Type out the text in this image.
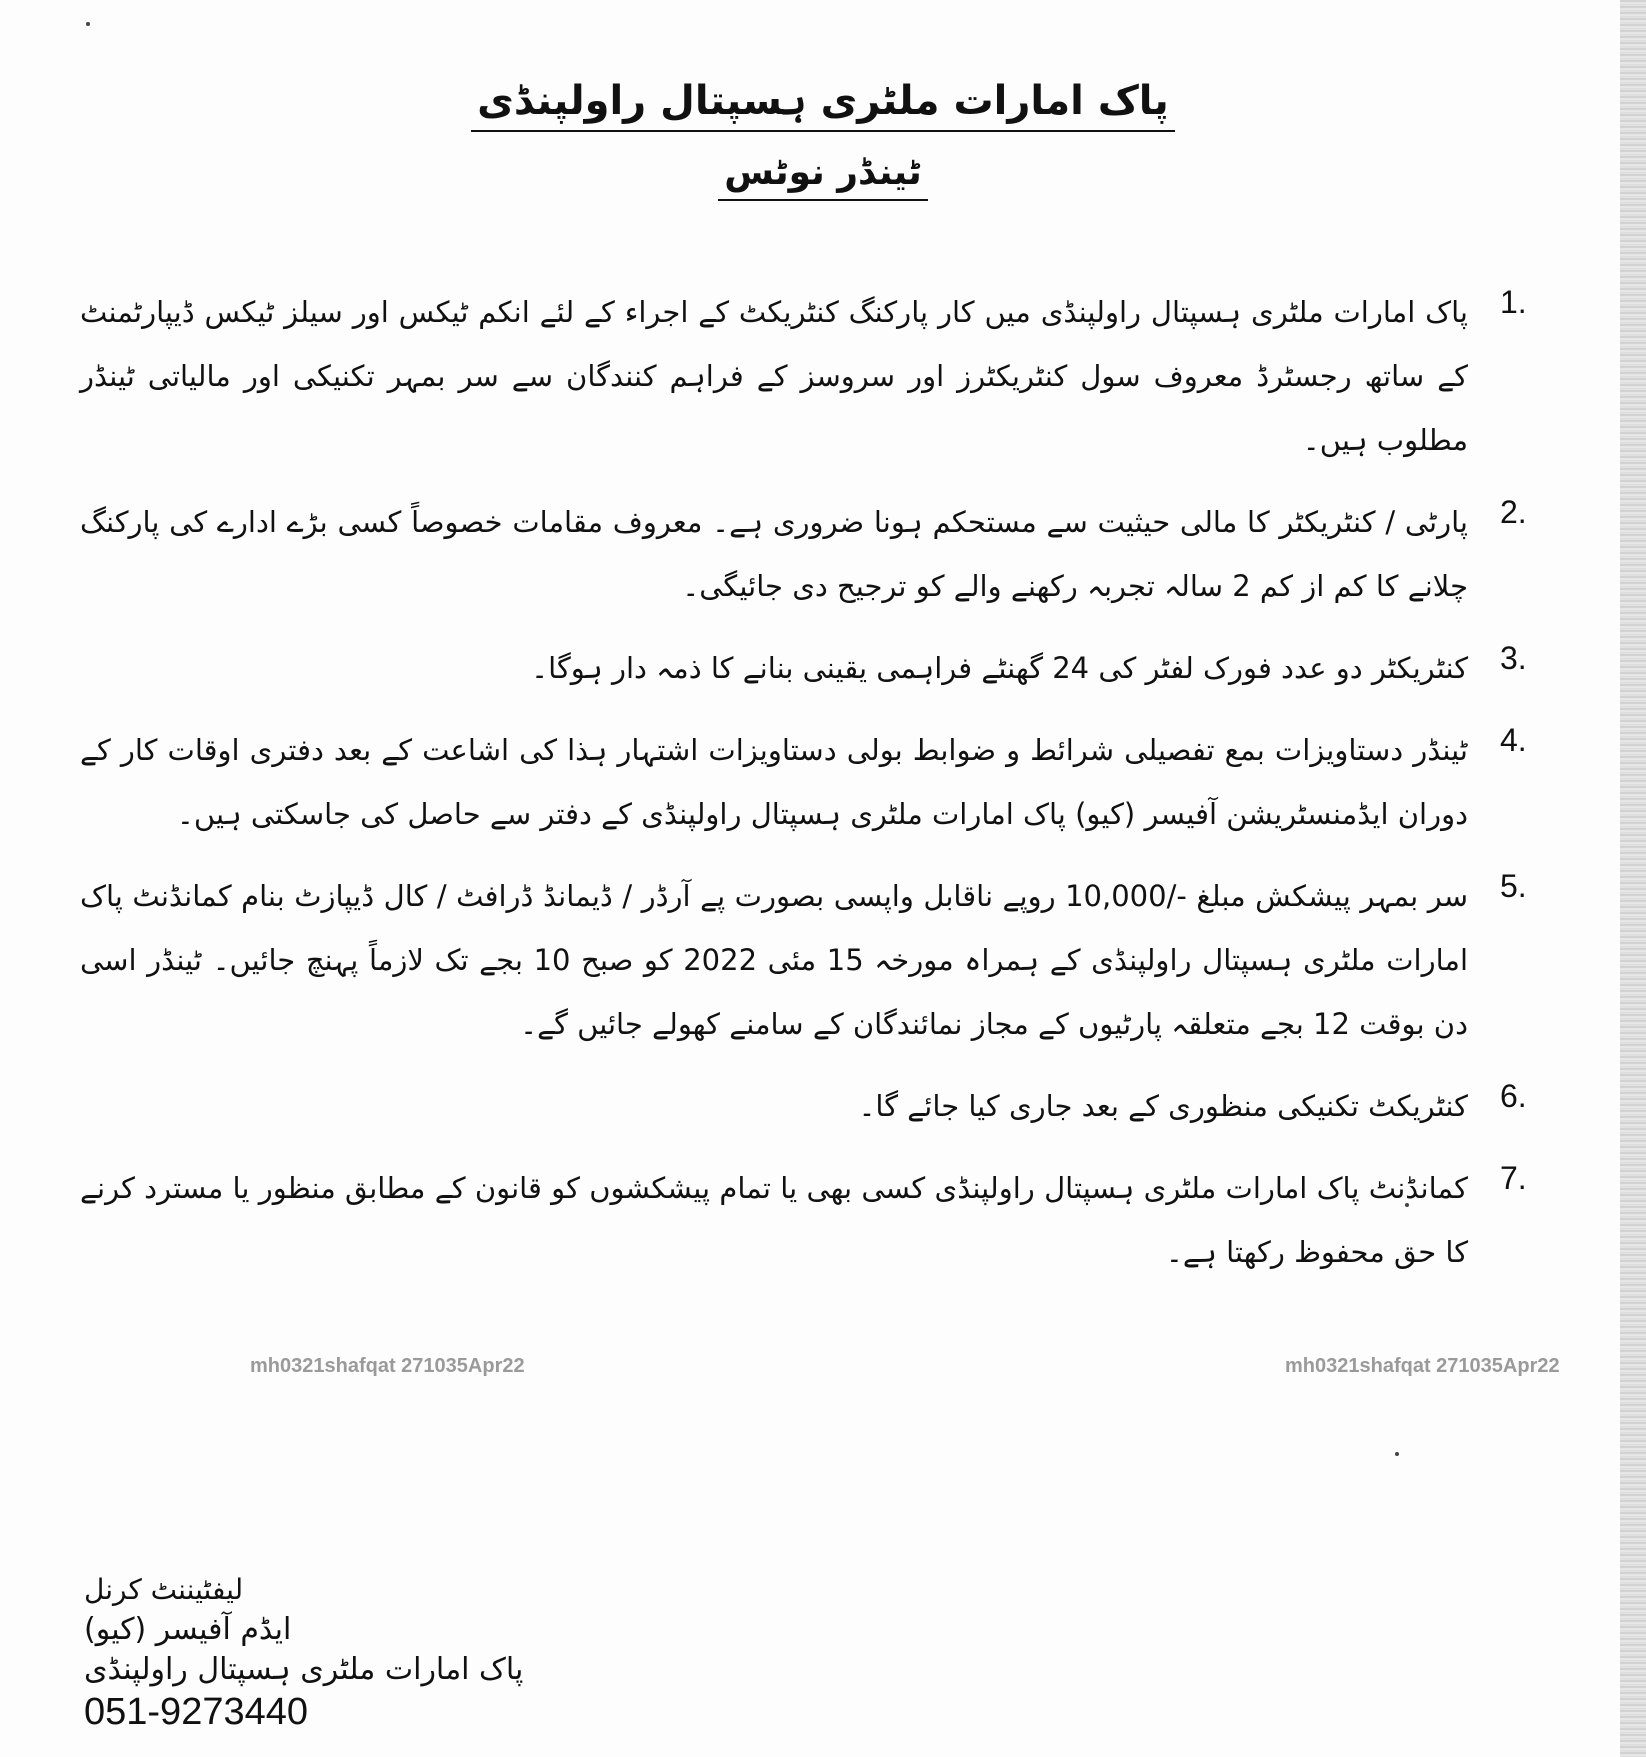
پاک امارات ملٹری ہسپتال راولپنڈی
ٹینڈر نوٹس
1.
پاک امارات ملٹری ہسپتال راولپنڈی میں کار پارکنگ کنٹریکٹ کے اجراء کے لئے انکم ٹیکس اور سیلز ٹیکس ڈیپارٹمنٹ کے ساتھ رجسٹرڈ معروف سول کنٹریکٹرز اور سروسز کے فراہم کنندگان سے سر بمہر تکنیکی اور مالیاتی ٹینڈر مطلوب ہیں۔
2.
پارٹی / کنٹریکٹر کا مالی حیثیت سے مستحکم ہونا ضروری ہے۔ معروف مقامات خصوصاً کسی بڑے ادارے کی پارکنگ چلانے کا کم از کم 2 سالہ تجربہ رکھنے والے کو ترجیح دی جائیگی۔
3.
کنٹریکٹر دو عدد فورک لفٹر کی 24 گھنٹے فراہمی یقینی بنانے کا ذمہ دار ہوگا۔
4.
ٹینڈر دستاویزات بمع تفصیلی شرائط و ضوابط بولی دستاویزات اشتہار ہذا کی اشاعت کے بعد دفتری اوقات کار کے دوران ایڈمنسٹریشن آفیسر (کیو) پاک امارات ملٹری ہسپتال راولپنڈی کے دفتر سے حاصل کی جاسکتی ہیں۔
5.
سر بمہر پیشکش مبلغ -/10,000 روپے ناقابل واپسی بصورت پے آرڈر / ڈیمانڈ ڈرافٹ / کال ڈیپازٹ بنام کمانڈنٹ پاک امارات ملٹری ہسپتال راولپنڈی کے ہمراہ مورخہ 15 مئی 2022 کو صبح 10 بجے تک لازماً پہنچ جائیں۔ ٹینڈر اسی دن بوقت 12 بجے متعلقہ پارٹیوں کے مجاز نمائندگان کے سامنے کھولے جائیں گے۔
6.
کنٹریکٹ تکنیکی منظوری کے بعد جاری کیا جائے گا۔
7.
کمانڈنٹ پاک امارات ملٹری ہسپتال راولپنڈی کسی بھی یا تمام پیشکشوں کو قانون کے مطابق منظور یا مسترد کرنے کا حق محفوظ رکھتا ہے۔
mh0321shafqat 271035Apr22	mh0321shafqat 271035Apr22
لیفٹیننٹ کرنل
ایڈم آفیسر (کیو)
پاک امارات ملٹری ہسپتال راولپنڈی
051-9273440
